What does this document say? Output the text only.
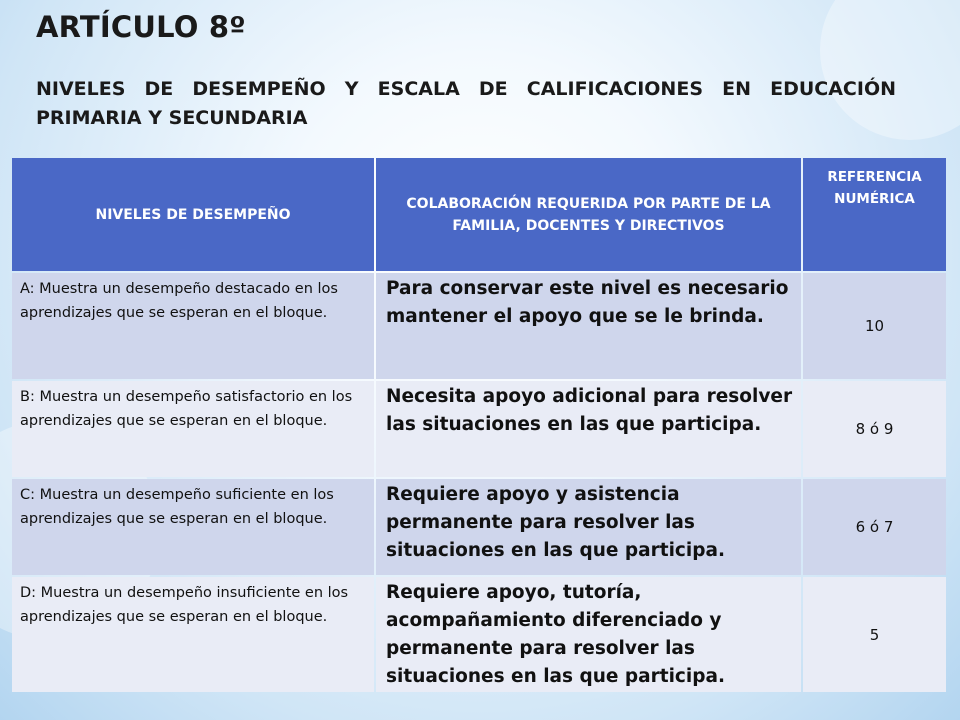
ARTÍCULO 8º

NIVELES DE DESEMPEÑO Y ESCALA DE CALIFICACIONES EN EDUCACIÓN PRIMARIA Y SECUNDARIA

NIVELES DE DESEMPEÑO
COLABORACIÓN REQUERIDA POR PARTE DE LA FAMILIA, DOCENTES Y DIRECTIVOS
REFERENCIA NUMÉRICA
A: Muestra un desempeño destacado en los aprendizajes que se esperan en el bloque.
Para conservar este nivel es necesario mantener el apoyo que se le brinda.	10
B: Muestra un desempeño satisfactorio en los aprendizajes que se esperan en el bloque.
Necesita apoyo adicional para resolver las situaciones en las que participa.	8 ó 9
C: Muestra un desempeño suficiente en los aprendizajes que se esperan en el bloque.
Requiere apoyo y asistencia permanente para resolver las situaciones en las que participa.
6 ó 7
D: Muestra un desempeño insuficiente en los aprendizajes que se esperan en el bloque.
Requiere apoyo, tutoría, acompañamiento diferenciado y permanente para resolver las situaciones en las que participa.
5
